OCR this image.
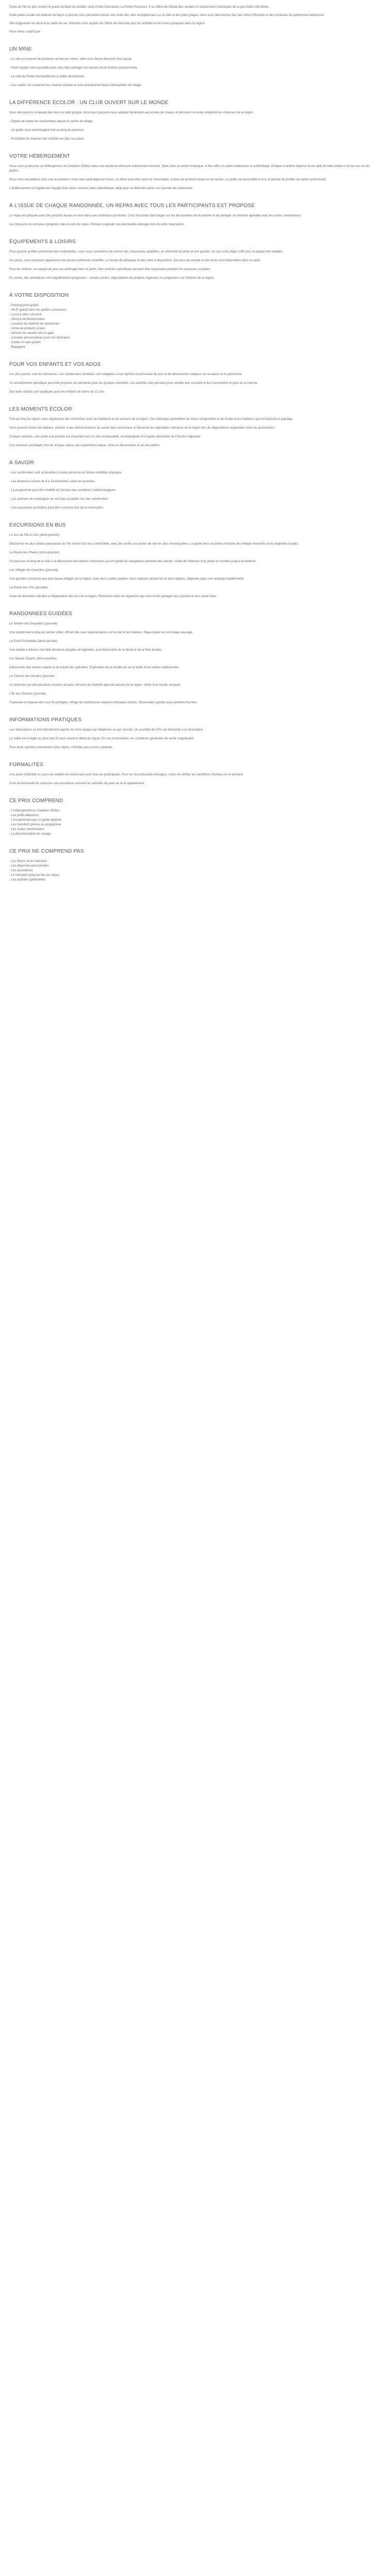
Carte de l'île du plus ancien et grand archipel du monde, celui d'Abel Guimarans La Petite-Princesse. Il se réfère de l'étude des sentiers et randonnées historiques de la plus belle côte dorée.

Cette petite escale est réalisée de façon à pouvoir vous permettre d'avoir une visite des sites exceptionnels sur la côte et des jolies plages. Ainsi vous découvrirez des îles riches d'histoire et des richesses du patrimoine traditionnel.

Afin d'apprécier les lieux et le cadre de vie, informez-vous auprès de l'office de tourisme pour les activités et les loisirs proposés dans la région.

Vous serez surpris par :

UN MINE

- Le site est entouré de plusieurs anciennes mines, elles vous feront découvrir leur passé.

- Notre équipe vous accueille pour vous faire partager les secrets d'une histoire passionnante.

- La côte de Petite-Normandie est à visiter absolument.

- Les ruelles ont conservé leur charme d'antan et vous entraîneront dans l'atmosphère du village.

LA DIFFÉRENCE ÉCOLOR : UN CLUB OUVERT SUR LE MONDE

Nous découvrons la beauté des lieux en petit groupe. Ainsi nous pouvons nous adapter facilement aux envies de chacun et découvrir en toute simplicité les richesses de la région.

- Départ de toutes les randonnées depuis le centre du village

- Un guide vous accompagne tout au long du parcours

- Possibilité de réserver des activités en plus sur place

VOTRE HÉBERGEMENT

Nous vous proposons un hébergement en chambre d'hôtes dans une ancienne demeure entièrement rénovée. Situé dans le centre historique, le lieu offre un cadre chaleureux et authentique. Chaque chambre dispose d'une salle de bain privée et d'une vue sur les jardins.

Nous vous accueillons pour une ou plusieurs nuits avec petit-déjeuner inclus. Le dîner peut être servi sur réservation, à base de produits locaux et de saison. Le jardin est accessible à tous et permet de profiter du calme environnant.

L'établissement est également équipé d'un salon commun avec bibliothèque, idéal pour se détendre après une journée de randonnée.

À L'ISSUE DE CHAQUE RANDONNÉE, UN REPAS AVEC TOUS LES PARTICIPANTS EST PROPOSÉ

Le repas est préparé avec des produits locaux et servi dans une ambiance conviviale. C'est l'occasion d'échanger sur les découvertes de la journée et de partager un moment agréable avec les autres randonneurs.

Les boissons ne sont pas comprises dans le prix du repas. Pensez à signaler vos éventuelles allergies lors de votre réservation.

ÉQUIPEMENTS & LOISIRS

Pour pouvoir profiter pleinement des randonnées, nous vous conseillons de prévoir des chaussures adaptées, un vêtement de pluie et une gourde. Un sac à dos léger suffit pour la plupart des balades.

Sur place, vous trouverez également une piscine extérieure chauffée, un terrain de pétanque et des vélos à disposition. Des jeux de société et des livres sont disponibles dans le salon.

Pour les enfants, un espace de jeux est aménagé dans le jardin. Des activités spécifiques peuvent être organisées pendant les vacances scolaires.

En soirée, des animations sont régulièrement proposées : soirées contes, dégustations de produits régionaux ou projections sur l'histoire de la région.

À VOTRE DISPOSITION
- Parking privé gratuit
- Wi-Fi gratuit dans les parties communes
- Local à vélos sécurisé
- Service de blanchisserie
- Location de matériel de randonnée
- Vente de produits locaux
- Service de navette vers la gare
- Conseils personnalisés pour vos itinéraires
- Cartes et topo-guides
- Bagagerie
POUR VOS ENFANTS ET VOS ADOS

Les plus jeunes sont les bienvenus. Les randonnées familiales sont adaptées à leur rythme et ponctuées de jeux et de découvertes ludiques sur la nature et le patrimoine.

Un encadrement spécifique peut être proposé sur demande pour les groupes d'enfants. Les activités sont pensées pour éveiller leur curiosité et leur transmettre le goût de la marche.

Des tarifs réduits sont appliqués pour les enfants de moins de 12 ans.

LES MOMENTS ÉCOLOR

Tout au long du séjour, nous organisons des rencontres avec les habitants et les artisans de la région. Ces échanges permettent de mieux comprendre la vie locale et les traditions qui ont façonné le paysage.

Vous pourrez visiter des ateliers, assister à des démonstrations de savoir-faire ancestraux et découvrir les spécialités culinaires de la région lors de dégustations organisées chez les producteurs.

Chaque semaine, une sortie à la journée est proposée vers un site remarquable, accompagnée d'un guide spécialiste de l'histoire régionale.

Ces moments privilégiés font de chaque séjour une expérience unique, riche en découvertes et en rencontres.

À SAVOIR

- Les randonnées sont accessibles à toute personne en bonne condition physique.

- Les distances varient de 8 à 18 kilomètres selon les journées.

- Le programme peut être modifié en fonction des conditions météorologiques.

- Les animaux de compagnie ne sont pas acceptés lors des randonnées.

- Une assurance annulation peut être souscrite lors de la réservation.

EXCURSIONS EN BUS

Le tour de l'île en bus (demi-journée)

Découvrez les plus beaux panoramas de l'île à bord d'un bus confortable, avec des arrêts aux points de vue les plus remarquables. Le guide vous racontera l'histoire des villages traversés et les légendes locales.

La Route des Phares (demi-journée)

Un parcours le long de la côte à la découverte des phares historiques qui ont guidé les navigateurs pendant des siècles. Visite de l'intérieur d'un phare et montée jusqu'à la lanterne.

Les Villages de Caractère (journée)

Une journée consacrée aux plus beaux villages de la région, avec leurs ruelles pavées, leurs maisons anciennes et leurs églises. Déjeuner dans une auberge traditionnelle.

La Route des Vins (journée)

Visite de domaines viticoles et dégustation des vins de la région. Rencontre avec les vignerons qui vous feront partager leur passion et leur savoir-faire.

RANDONNÉES GUIDÉES

Le Sentier des Douaniers (journée)

Une randonnée le long du sentier côtier, offrant des vues spectaculaires sur la mer et les falaises. Pique-nique sur une plage sauvage.

La Forêt Enchantée (demi-journée)

Une balade à travers une forêt ancienne peuplée de légendes, à la découverte de la faune et de la flore locales.

Les Marais Salants (demi-journée)

Découverte des marais salants et du travail des paludiers. Explication de la récolte du sel et visite d'une saline traditionnelle.

Le Chemin des Moulins (journée)

Un itinéraire qui relie plusieurs moulins anciens, témoins de l'activité agricole passée de la région. Visite d'un moulin restauré.

L'Île aux Oiseaux (journée)

Traversée en bateau vers une île protégée, refuge de nombreuses espèces d'oiseaux marins. Observation guidée avec jumelles fournies.

INFORMATIONS PRATIQUES

Les réservations se font directement auprès de notre équipe par téléphone ou par courriel. Un acompte de 30% est demandé à la réservation.

Le solde est à régler au plus tard 30 jours avant le début du séjour. En cas d'annulation, les conditions générales de vente s'appliquent.

Pour toute question concernant votre séjour, n'hésitez pas à nous contacter.

FORMALITÉS

Une pièce d'identité en cours de validité est nécessaire pour tous les participants. Pour les ressortissants étrangers, merci de vérifier les conditions d'entrée sur le territoire.

Il est recommandé de souscrire une assurance couvrant les activités de plein air et le rapatriement.

CE PRIX COMPREND
- L'hébergement en chambre d'hôtes
- Les petits-déjeuners
- L'encadrement par un guide diplômé
- Les transferts prévus au programme
- Les visites mentionnées
- La documentation de voyage
CE PRIX NE COMPREND PAS
- Les dîners et les boissons
- Les dépenses personnelles
- Les assurances
- Le transport jusqu'au lieu de séjour
- Les activités optionnelles
